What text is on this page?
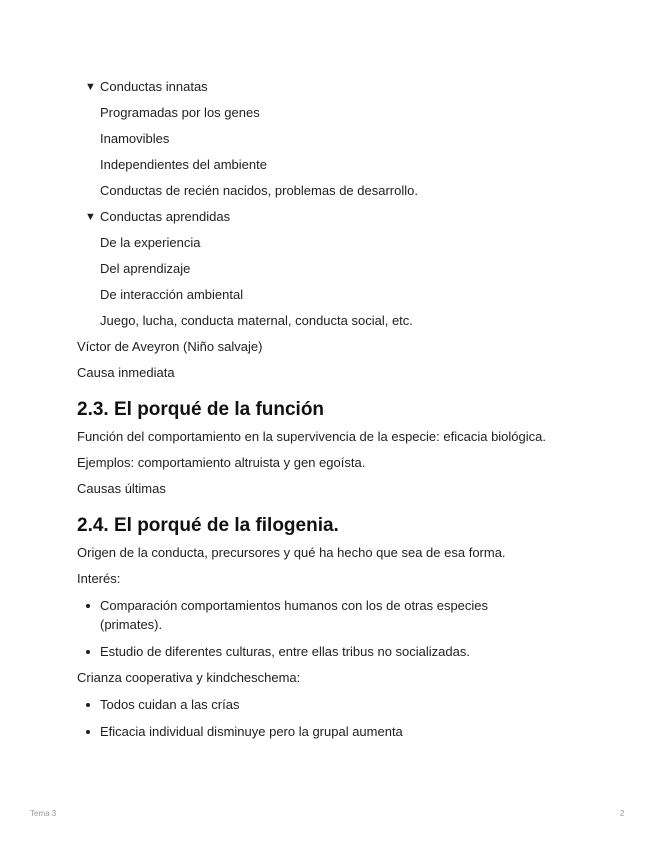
▼ Conductas innatas
Programadas por los genes
Inamovibles
Independientes del ambiente
Conductas de recién nacidos, problemas de desarrollo.
▼ Conductas aprendidas
De la experiencia
Del aprendizaje
De interacción ambiental
Juego, lucha, conducta maternal, conducta social, etc.
Víctor de Aveyron (Niño salvaje)
Causa inmediata
2.3. El porqué de la función
Función del comportamiento en la supervivencia de la especie: eficacia biológica.
Ejemplos: comportamiento altruista y gen egoísta.
Causas últimas
2.4. El porqué de la filogenia.
Origen de la conducta, precursores y qué ha hecho que sea de esa forma.
Interés:
Comparación comportamientos humanos con los de otras especies (primates).
Estudio de diferentes culturas, entre ellas tribus no socializadas.
Crianza cooperativa y kindcheschema:
Todos cuidan a las crías
Eficacia individual disminuye pero la grupal aumenta
Tema 3	2
